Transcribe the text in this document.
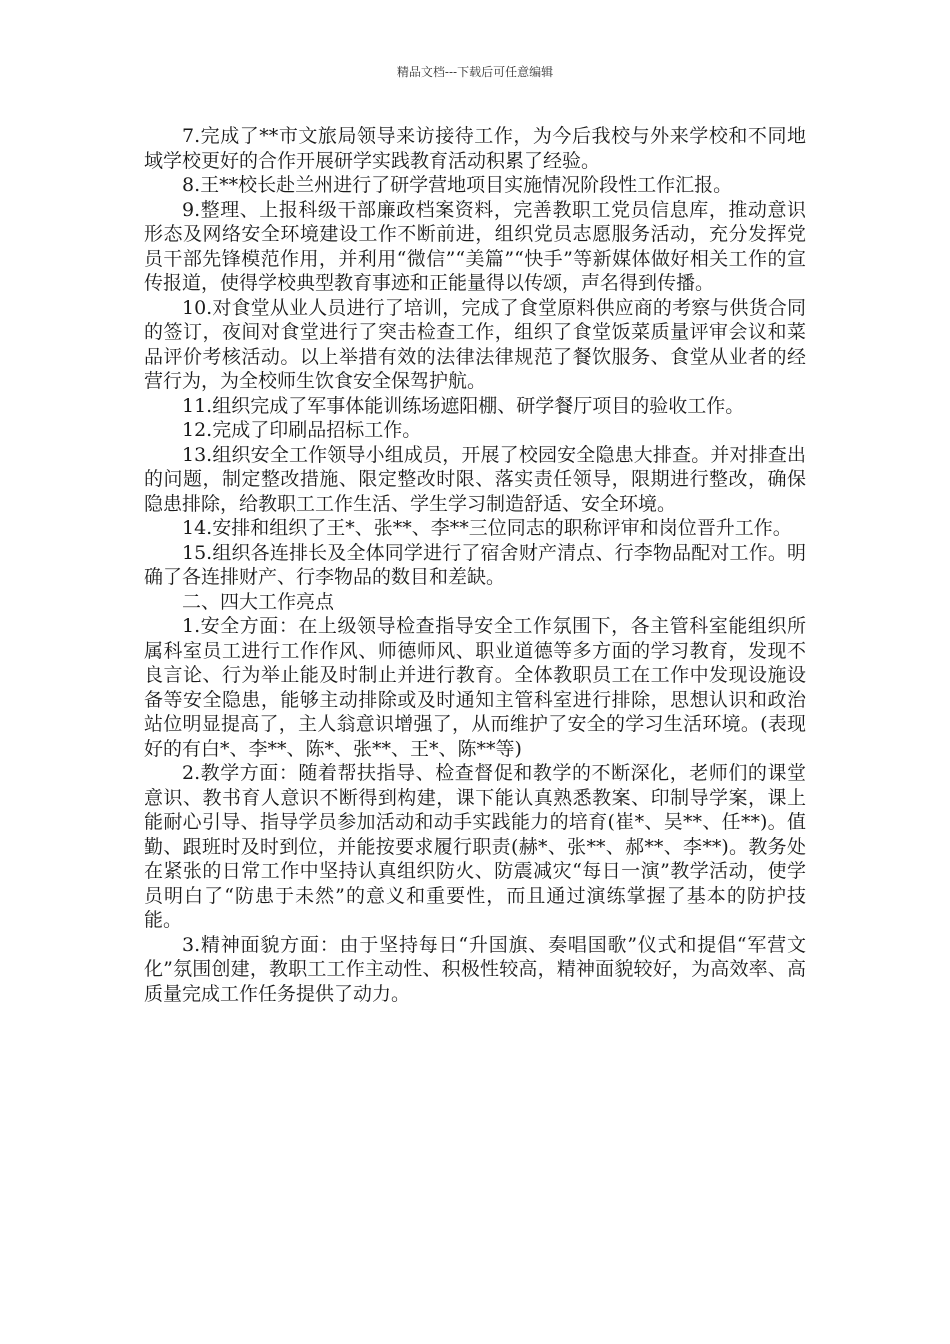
精品文档---下载后可任意编辑

7.完成了**市文旅局领导来访接待工作，为今后我校与外来学校和不同地域学校更好的合作开展研学实践教育活动积累了经验。

8.王**校长赴兰州进行了研学营地项目实施情况阶段性工作汇报。

9.整理、上报科级干部廉政档案资料，完善教职工党员信息库，推动意识形态及网络安全环境建设工作不断前进，组织党员志愿服务活动，充分发挥党员干部先锋模范作用，并利用“微信”“美篇”“快手”等新媒体做好相关工作的宣传报道，使得学校典型教育事迹和正能量得以传颂，声名得到传播。

10.对食堂从业人员进行了培训，完成了食堂原料供应商的考察与供货合同的签订，夜间对食堂进行了突击检查工作，组织了食堂饭菜质量评审会议和菜品评价考核活动。以上举措有效的法律法律规范了餐饮服务、食堂从业者的经营行为，为全校师生饮食安全保驾护航。

11.组织完成了军事体能训练场遮阳棚、研学餐厅项目的验收工作。

12.完成了印刷品招标工作。

13.组织安全工作领导小组成员，开展了校园安全隐患大排查。并对排查出的问题，制定整改措施、限定整改时限、落实责任领导，限期进行整改，确保隐患排除，给教职工工作生活、学生学习制造舒适、安全环境。

14.安排和组织了王*、张**、李**三位同志的职称评审和岗位晋升工作。

15.组织各连排长及全体同学进行了宿舍财产清点、行李物品配对工作。明确了各连排财产、行李物品的数目和差缺。

二、四大工作亮点

1.安全方面：在上级领导检查指导安全工作氛围下，各主管科室能组织所属科室员工进行工作作风、师德师风、职业道德等多方面的学习教育，发现不良言论、行为举止能及时制止并进行教育。全体教职员工在工作中发现设施设备等安全隐患，能够主动排除或及时通知主管科室进行排除，思想认识和政治站位明显提高了，主人翁意识增强了，从而维护了安全的学习生活环境。(表现好的有白*、李**、陈*、张**、王*、陈**等)

2.教学方面：随着帮扶指导、检查督促和教学的不断深化，老师们的课堂意识、教书育人意识不断得到构建，课下能认真熟悉教案、印制导学案，课上能耐心引导、指导学员参加活动和动手实践能力的培育(崔*、吴**、任**)。值勤、跟班时及时到位，并能按要求履行职责(赫*、张**、郝**、李**)。教务处在紧张的日常工作中坚持认真组织防火、防震减灾“每日一演”教学活动，使学员明白了“防患于未然”的意义和重要性，而且通过演练掌握了基本的防护技能。

3.精神面貌方面：由于坚持每日“升国旗、奏唱国歌”仪式和提倡“军营文化”氛围创建，教职工工作主动性、积极性较高，精神面貌较好，为高效率、高质量完成工作任务提供了动力。
